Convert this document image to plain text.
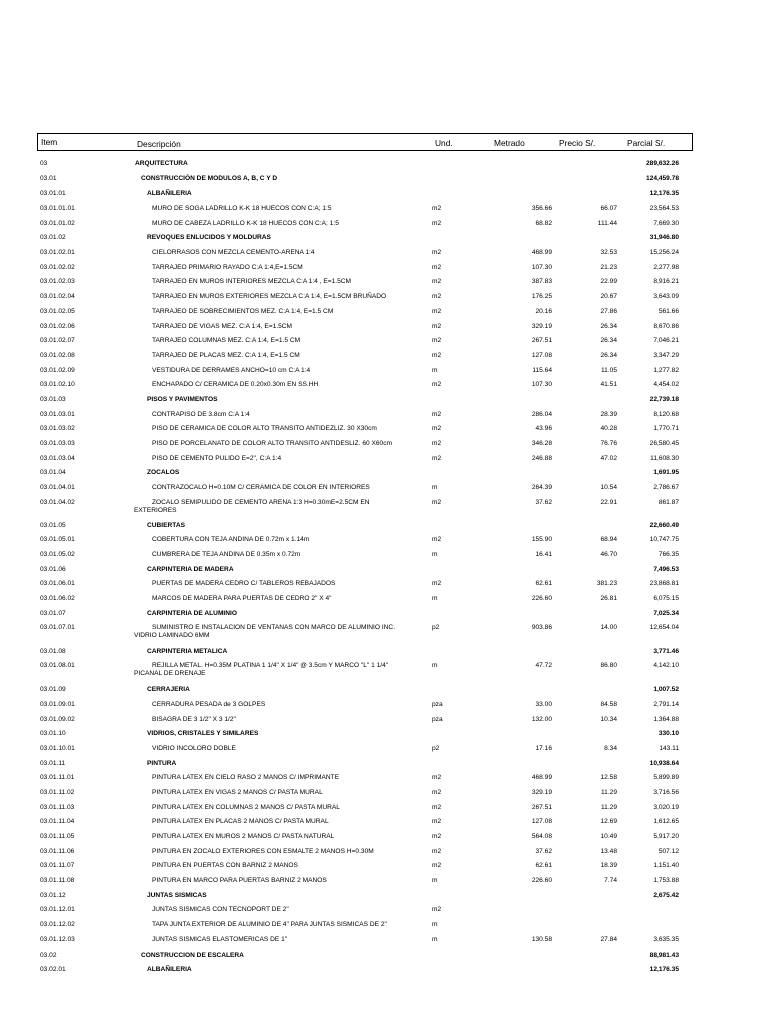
Item	Descripción	Und.	Metrado	Precio S/.	Parcial S/.
03	ARQUITECTURA	289,632.26
03.01	CONSTRUCCIÓN DE MODULOS A, B, C Y D	124,459.78
03.01.01	ALBAÑILERIA	12,176.35
03.01.01.01	MURO DE SOGA LADRILLO K-K 18 HUECOS CON C:A; 1:5	m2	356.66	66.07	23,564.53
03.01.01.02	MURO DE CABEZA LADRILLO K-K 18 HUECOS CON C:A; 1:5	m2	68.82	111.44	7,669.30
03.01.02	REVOQUES ENLUCIDOS Y MOLDURAS	31,946.80
03.01.02.01	CIELORRASOS CON MEZCLA CEMENTO-ARENA 1:4	m2	468.99	32.53	15,256.24
03.01.02.02	TARRAJEO PRIMARIO RAYADO C:A 1:4,E=1.5CM	m2	107.30	21.23	2,277.98
03.01.02.03	TARRAJEO EN MUROS INTERIORES MEZCLA C:A 1:4 , E=1.5CM	m2	387.83	22.99	8,916.21
03.01.02.04	TARRAJEO EN MUROS EXTERIORES MEZCLA C:A 1:4, E=1.5CM BRUÑADO	m2	176.25	20.67	3,643.09
03.01.02.05	TARRAJEO DE SOBRECIMIENTOS MEZ. C:A 1:4, E=1.5 CM	m2	20.16	27.86	561.66
03.01.02.06	TARRAJEO DE VIGAS MEZ. C:A 1:4, E=1.5CM	m2	329.19	26.34	8,670.86
03.01.02.07	TARRAJEO COLUMNAS MEZ. C:A 1:4, E=1.5 CM	m2	267.51	26.34	7,046.21
03.01.02.08	TARRAJEO DE PLACAS MEZ. C:A 1:4, E=1.5 CM	m2	127.08	26.34	3,347.29
03.01.02.09	VESTIDURA DE DERRAMES ANCHO=10 cm C:A 1:4	m	115.64	11.05	1,277.82
03.01.02.10	ENCHAPADO C/ CERAMICA DE 0.20x0.30m EN SS.HH	m2	107.30	41.51	4,454.02
03.01.03	PISOS Y PAVIMENTOS	22,739.18
03.01.03.01	CONTRAPISO DE 3.8cm C:A 1:4	m2	286.04	28.39	8,120.68
03.01.03.02	PISO DE CERAMICA DE COLOR ALTO TRANSITO ANTIDEZLIZ. 30 X30cm	m2	43.96	40.28	1,770.71
03.01.03.03	PISO DE PORCELANATO DE COLOR ALTO TRANSITO ANTIDESLIZ. 60 X60cm	m2	346.28	76.76	26,580.45
03.01.03.04	PISO DE CEMENTO PULIDO E=2", C:A 1:4	m2	246.88	47.02	11,608.30
03.01.04	ZOCALOS	1,691.95
03.01.04.01	CONTRAZOCALO H=0.10M C/ CERAMICA DE COLOR EN INTERIORES	m	264.39	10.54	2,786.67
03.01.04.02	ZOCALO SEMIPULIDO DE CEMENTO ARENA 1:3 H=0.30mE=2.5CM EN	m2	37.62	22.91	861.87
EXTERIORES
03.01.05	CUBIERTAS	22,660.49
03.01.05.01	COBERTURA CON TEJA ANDINA DE 0.72m x 1.14m	m2	155.90	68.94	10,747.75
03.01.05.02	CUMBRERA DE TEJA ANDINA DE 0.35m x 0.72m	m	16.41	46.70	766.35
03.01.06	CARPINTERIA DE MADERA	7,496.53
03.01.06.01	PUERTAS DE MADERA CEDRO C/ TABLEROS REBAJADOS	m2	62.61	381.23	23,868.81
03.01.06.02	MARCOS DE MADERA PARA PUERTAS DE CEDRO 2" X 4"	m	226.60	26.81	6,075.15
03.01.07	CARPINTERIA DE ALUMINIO	7,025.34
03.01.07.01	SUMINISTRO E INSTALACION DE VENTANAS CON MARCO DE ALUMINIO INC.	p2	903.86	14.00	12,654.04
VIDRIO LAMINADO 6MM
03.01.08	CARPINTERIA METALICA	3,771.46
03.01.08.01	REJILLA METAL. H=0.35M PLATINA 1 1/4" X 1/4" @ 3.5cm Y MARCO "L" 1 1/4"	m	47.72	86.80	4,142.10
PICANAL DE DRENAJE
03.01.09	CERRAJERIA	1,007.52
03.01.09.01	CERRADURA PESADA de 3 GOLPES	pza	33.00	84.58	2,791.14
03.01.09.02	BISAGRA DE 3 1/2" X 3 1/2"	pza	132.00	10.34	1,364.88
03.01.10	VIDRIOS, CRISTALES Y SIMILARES	330.10
03.01.10.01	VIDRIO INCOLORO DOBLE	p2	17.16	8.34	143.11
03.01.11	PINTURA	10,938.64
03.01.11.01	PINTURA LATEX EN CIELO RASO 2 MANOS C/ IMPRIMANTE	m2	468.99	12.58	5,899.89
03.01.11.02	PINTURA LATEX EN VIGAS 2 MANOS C/ PASTA MURAL	m2	329.19	11.29	3,716.56
03.01.11.03	PINTURA LATEX EN COLUMNAS 2 MANOS C/ PASTA MURAL	m2	267.51	11.29	3,020.19
03.01.11.04	PINTURA LATEX EN PLACAS 2 MANOS C/ PASTA MURAL	m2	127.08	12.69	1,612.65
03.01.11.05	PINTURA LATEX EN MUROS 2 MANOS C/ PASTA NATURAL	m2	564.08	10.49	5,917.20
03.01.11.06	PINTURA EN ZOCALO EXTERIORES CON ESMALTE 2 MANOS H=0.30M	m2	37.62	13.48	507.12
03.01.11.07	PINTURA EN PUERTAS CON BARNIZ 2 MANOS	m2	62.61	18.39	1,151.40
03.01.11.08	PINTURA EN MARCO PARA PUERTAS BARNIZ 2 MANOS	m	226.60	7.74	1,753.88
03.01.12	JUNTAS SISMICAS	2,675.42
03.01.12.01	JUNTAS SISMICAS CON TECNOPORT DE 2"	m2
03.01.12.02	TAPA JUNTA EXTERIOR DE ALUMINIO DE 4" PARA JUNTAS SISMICAS DE 2"	m
03.01.12.03	JUNTAS SISMICAS ELASTOMERICAS DE 1"	m	130.58	27.84	3,635.35
03.02	CONSTRUCCION DE ESCALERA	88,981.43
03.02.01	ALBAÑILERIA	12,176.35
